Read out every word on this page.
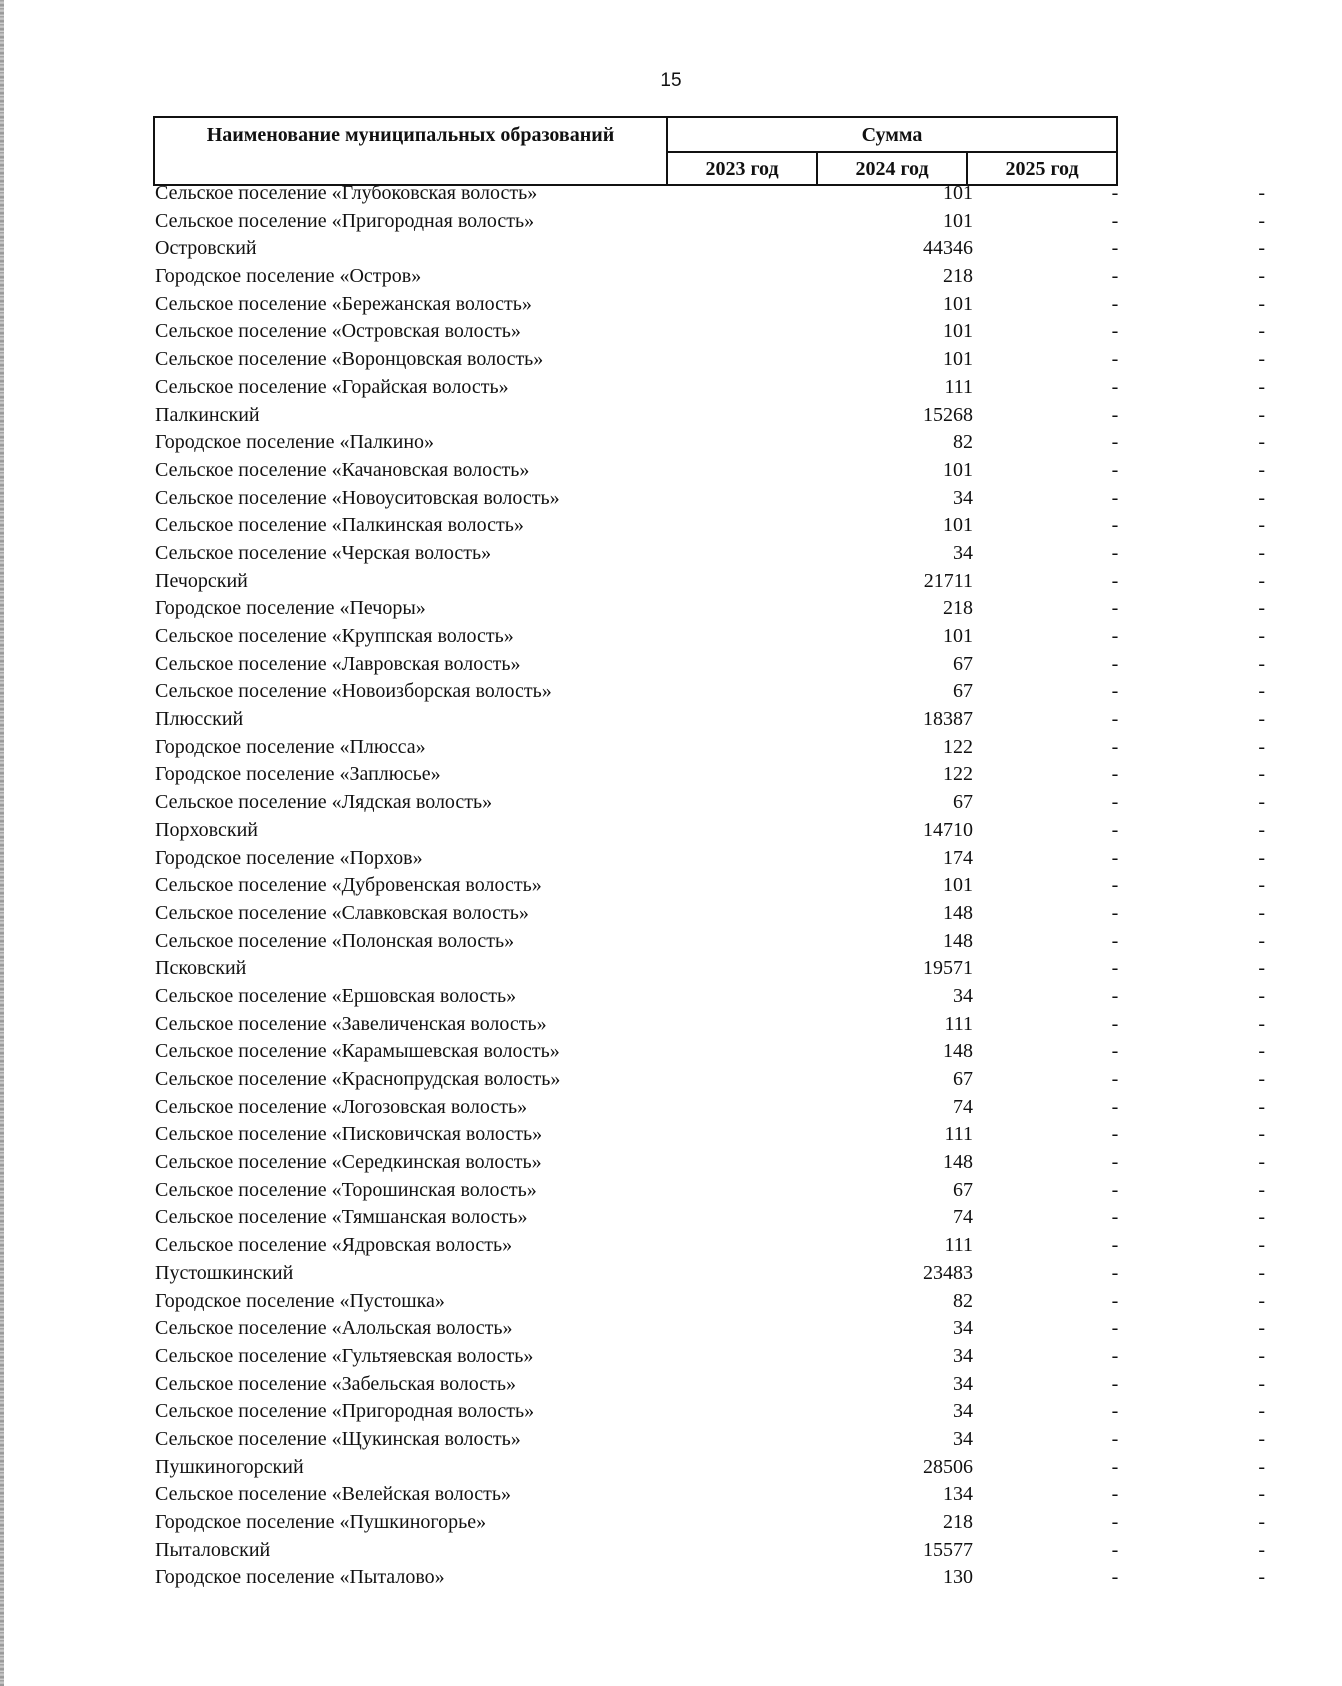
15
Наименование муниципальных образований	Сумма		
	2023 год	2024 год	2025 год
Сельское поселение «Глубоковская волость»	101	-	-
Сельское поселение «Пригородная волость»	101	-	-
Островский	44346	-	-
Городское поселение «Остров»	218	-	-
Сельское поселение «Бережанская волость»	101	-	-
Сельское поселение «Островская волость»	101	-	-
Сельское поселение «Воронцовская волость»	101	-	-
Сельское поселение «Горайская волость»	111	-	-
Палкинский	15268	-	-
Городское поселение «Палкино»	82	-	-
Сельское поселение «Качановская волость»	101	-	-
Сельское поселение «Новоуситовская волость»	34	-	-
Сельское поселение «Палкинская волость»	101	-	-
Сельское поселение «Черская волость»	34	-	-
Печорский	21711	-	-
Городское поселение «Печоры»	218	-	-
Сельское поселение «Круппская волость»	101	-	-
Сельское поселение «Лавровская волость»	67	-	-
Сельское поселение «Новоизборская волость»	67	-	-
Плюсский	18387	-	-
Городское поселение «Плюсса»	122	-	-
Городское поселение «Заплюсье»	122	-	-
Сельское поселение «Лядская волость»	67	-	-
Порховский	14710	-	-
Городское поселение «Порхов»	174	-	-
Сельское поселение «Дубровенская волость»	101	-	-
Сельское поселение «Славковская волость»	148	-	-
Сельское поселение «Полонская волость»	148	-	-
Псковский	19571	-	-
Сельское поселение «Ершовская волость»	34	-	-
Сельское поселение «Завеличенская волость»	111	-	-
Сельское поселение «Карамышевская волость»	148	-	-
Сельское поселение «Краснопрудская волость»	67	-	-
Сельское поселение «Логозовская волость»	74	-	-
Сельское поселение «Писковичская волость»	111	-	-
Сельское поселение «Середкинская волость»	148	-	-
Сельское поселение «Торошинская волость»	67	-	-
Сельское поселение «Тямшанская волость»	74	-	-
Сельское поселение «Ядровская волость»	111	-	-
Пустошкинский	23483	-	-
Городское поселение «Пустошка»	82	-	-
Сельское поселение «Алольская волость»	34	-	-
Сельское поселение «Гультяевская волость»	34	-	-
Сельское поселение «Забельская волость»	34	-	-
Сельское поселение «Пригородная волость»	34	-	-
Сельское поселение «Щукинская волость»	34	-	-
Пушкиногорский	28506	-	-
Сельское поселение «Велейская волость»	134	-	-
Городское поселение «Пушкиногорье»	218	-	-
Пыталовский	15577	-	-
Городское поселение «Пыталово»	130	-	-
